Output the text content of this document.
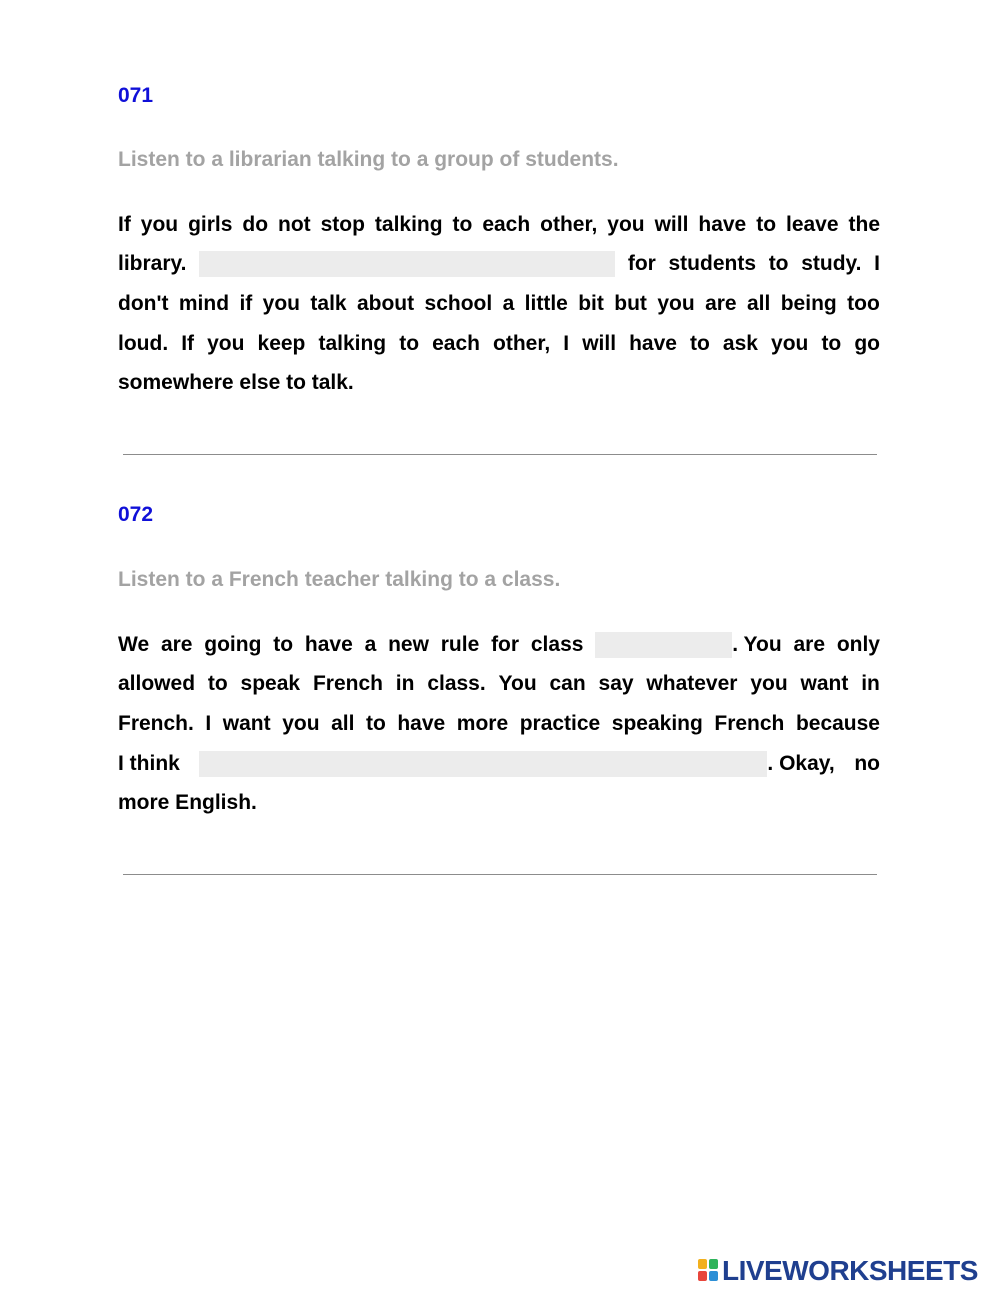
071

Listen to a librarian talking to a group of students.

If you girls do not stop talking to each other, you will have to leave the
library.	for students to study. I
don't mind if you talk about school a little bit but you are all being too
loud. If you keep talking to each other, I will have to ask you to go
somewhere else to talk.

072

Listen to a French teacher talking to a class.

We are going to have a new rule for class	. You are only
allowed to speak French in class. You can say whatever you want in
French. I want you all to have more practice speaking French because
I think	. Okay, no
more English.
LIVEWORKSHEETS
